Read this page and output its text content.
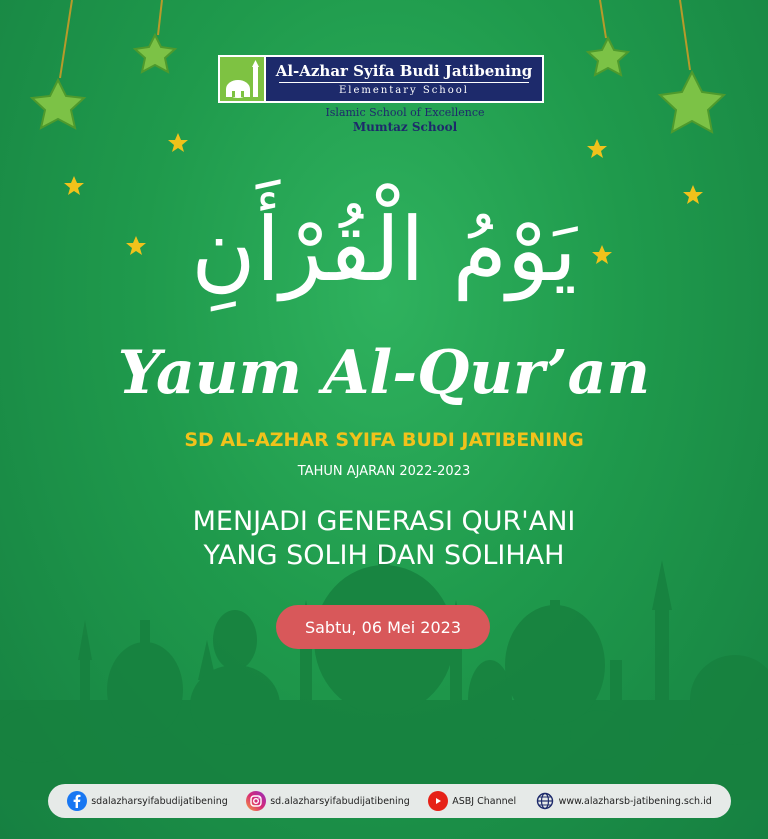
Al-Azhar Syifa Budi Jatibening
Elementary School
Islamic School of Excellence
Mumtaz School
يَوْمُ الْقُرْأَنِ
Yaum Al-Qur’an
SD AL-AZHAR SYIFA BUDI JATIBENING
TAHUN AJARAN 2022-2023
MENJADI GENERASI QUR'ANI
YANG SOLIH DAN SOLIHAH
Sabtu, 06 Mei 2023
sdalazharsyifabudijatibening	sd.alazharsyifabudijatibening	ASBJ Channel	www.alazharsb-jatibening.sch.id
